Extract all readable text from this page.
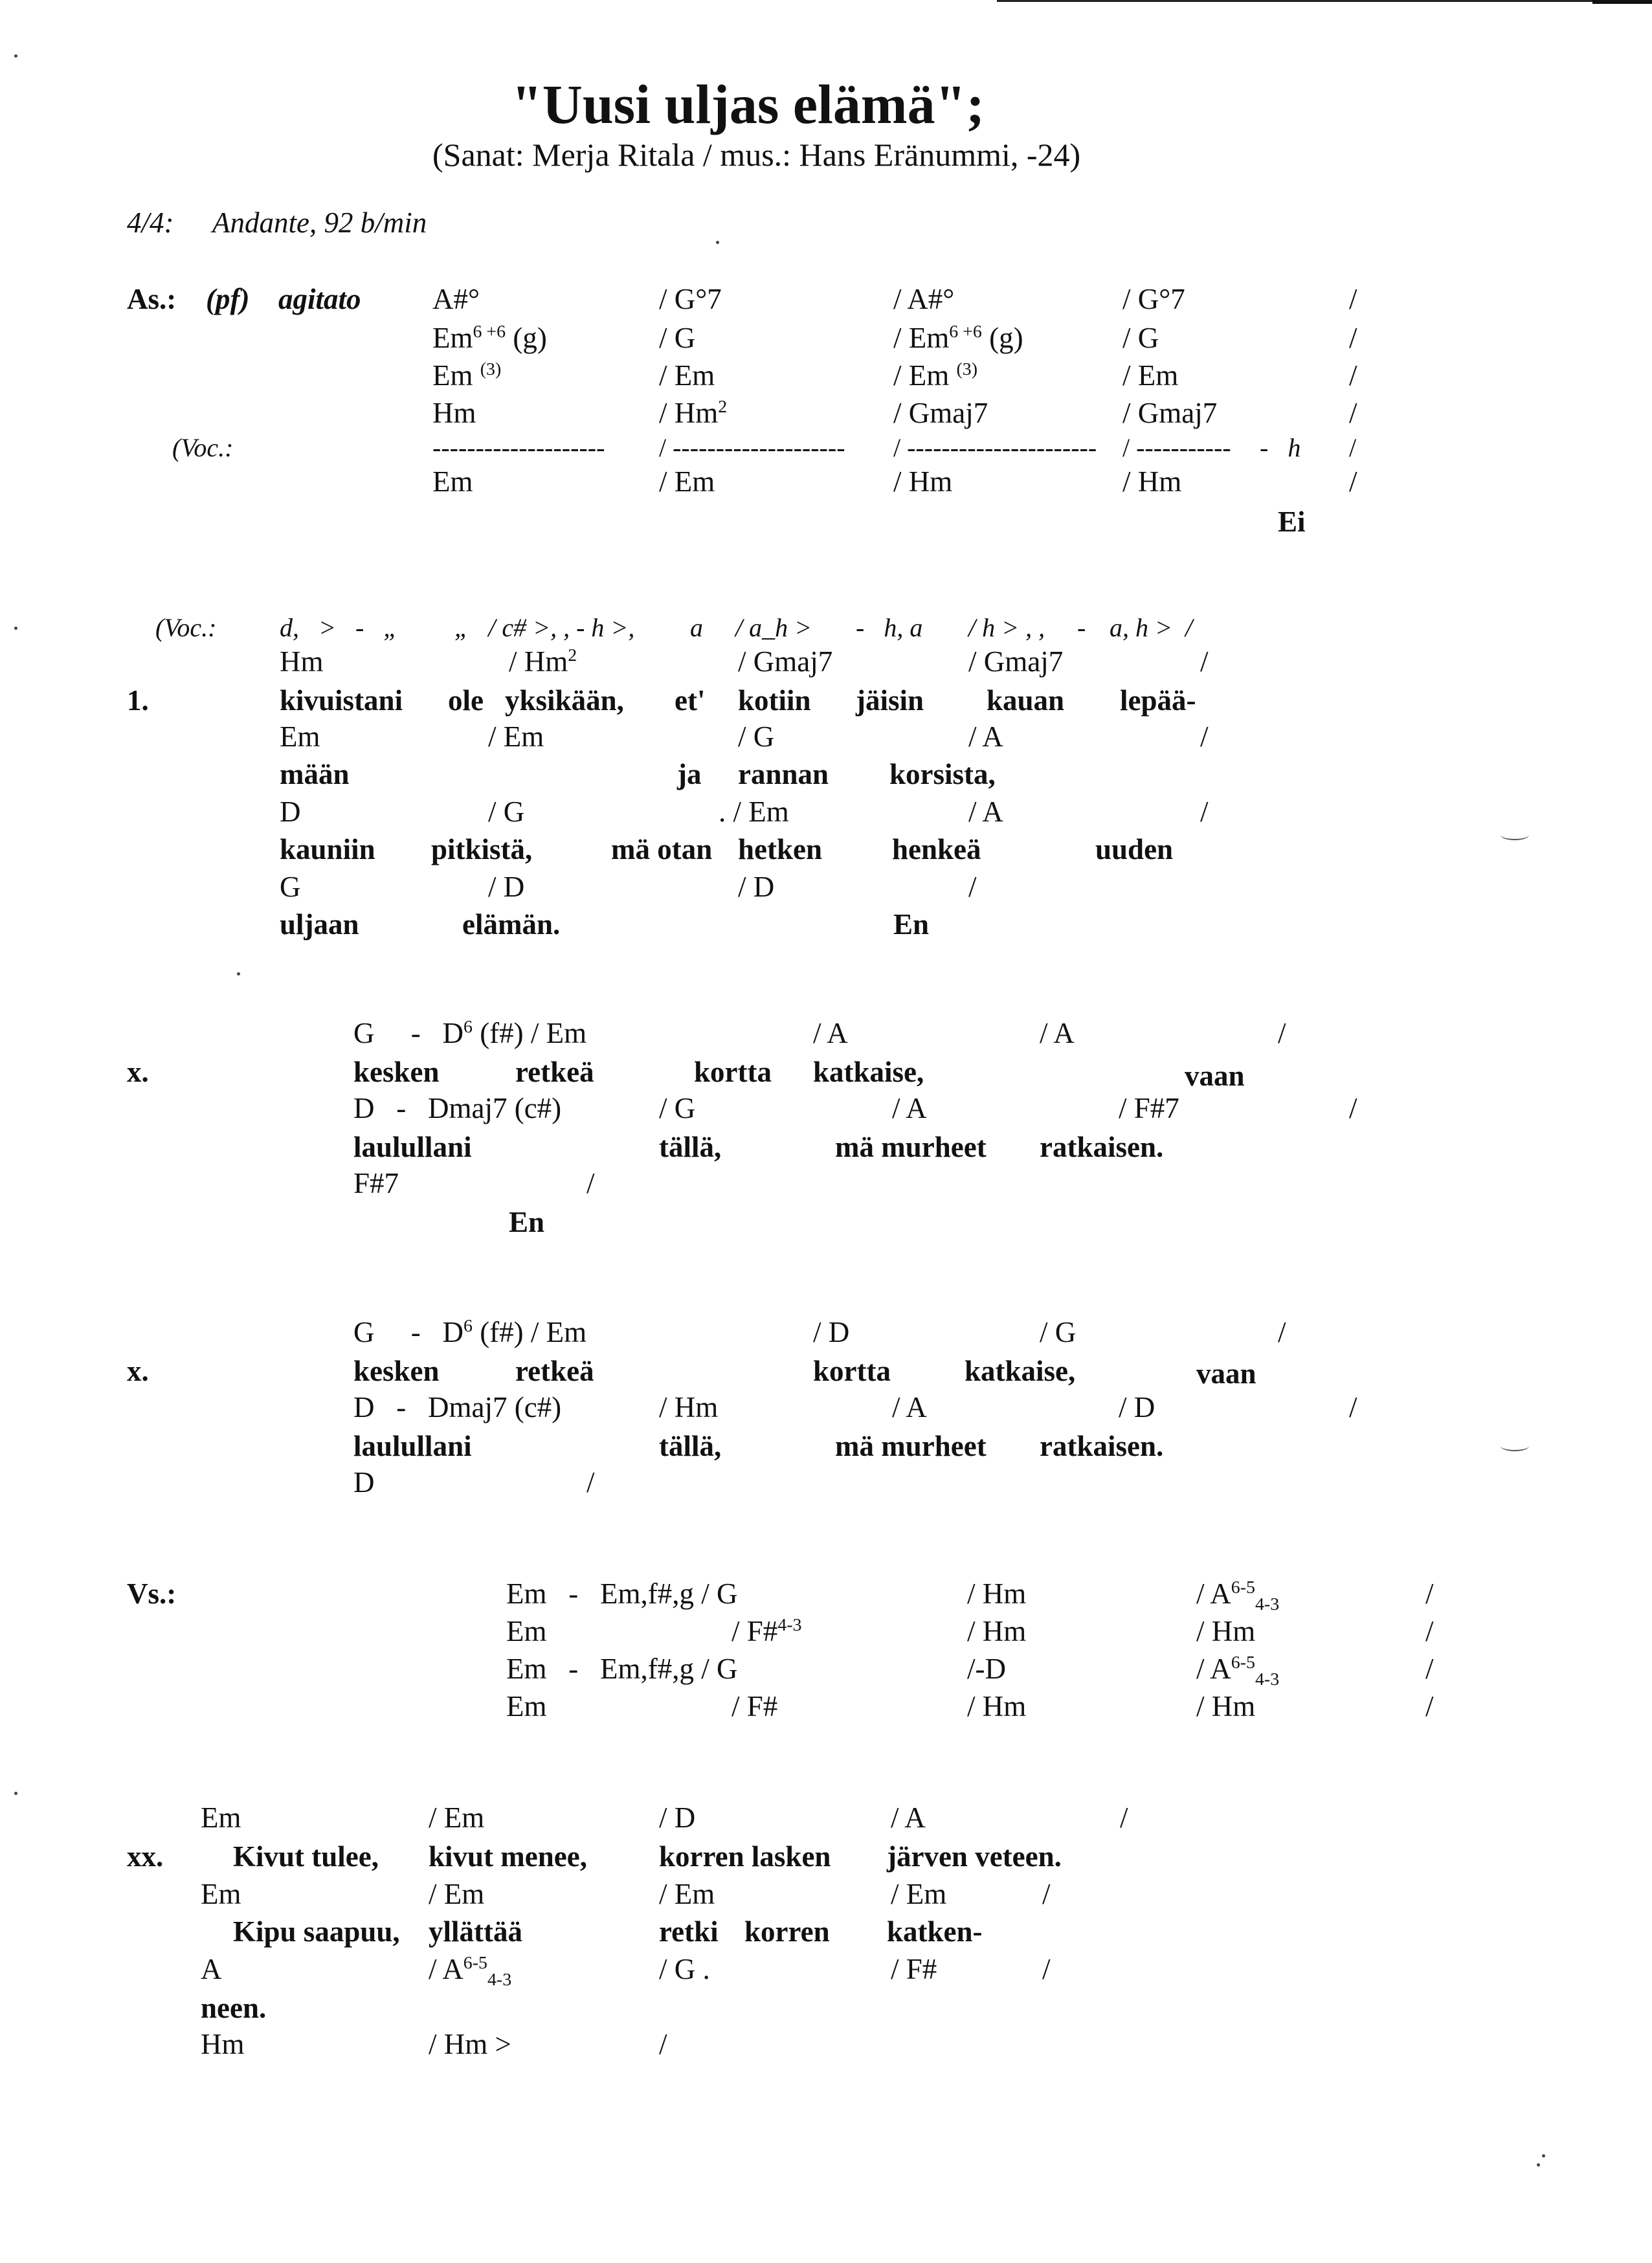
"Uusi uljas elämä";
(Sanat: Merja Ritala / mus.: Hans Eränummi, -24)
4/4: Andante, 92 b/min
As.: (pf) agitato A#°	/ G°7	/ A#°	/ G°7	/
$Em^{6 +6}$ (g)	/ G	/ $Em^{6 +6}$ (g)	/ G	/
Em $^{(3)}$	/ Em	/ Em $^{(3)}$	/ Em	/
Hm	/ Hm$^2$	/ Gmaj7	/ Gmaj7	/
(Voc.:	-------------------- / -------------------- / ---------------------- / ----------- -   h /
Em	/ Em	/ Hm	/ Hm	/
Ei
(Voc.: d,   >   -   „ „   / c# >, , - h >, a / a_h > -   h, a / h > , , - a, h >  /
Hm	/ Hm$^2$	/ Gmaj7	/ Gmaj7	/
1.	kivuistani ole yksikään, et' kotiin jäisin kauan lepää-
Em	/ Em	/ G	/ A	/
mään	ja rannan korsista,
D	/ G	. / Em	/ A	/
kauniin pitkistä,	mä otan hetken henkeä	uuden
G	/ D	/ D	/
uljaan	elämän.	En
G     -   $D^6$ (f#) / Em	/ A	/ A	/
x.	kesken	retkeä	kortta katkaise,	vaan
D   -   Dmaj7 (c#)	/ G	/ A	/ F#7	/
laulullani	tällä,	mä murheet ratkaisen.
F#7	/
En
G     -   $D^6$ (f#) / Em	/ D	/ G	/
x.	kesken	retkeä	kortta	katkaise,	vaan
D   -   Dmaj7 (c#)	/ Hm	/ A	/ D	/
laulullani	tällä,	mä murheet ratkaisen.
D	/
Vs.:	Em   -   Em,f#,g / G	/ Hm	/ $A^{6-5}_{4-3}$	/
Em	/ F#$^{4-3}$	/ Hm	/ Hm	/
Em   -   Em,f#,g / G	/-D	/ $A^{6-5}_{4-3}$	/
Em	/ F#	/ Hm	/ Hm	/
Em	/ Em	/ D	/ A	/
xx. Kivut tulee, kivut menee, korren lasken järven veteen.
Em	/ Em	/ Em	/ Em	/
Kipu saapuu, yllättää	retki korren katken-
A	/ $A^{6-5}_{4-3}$	/ G .	/ F#	/
neen.
Hm	/ Hm >	/
